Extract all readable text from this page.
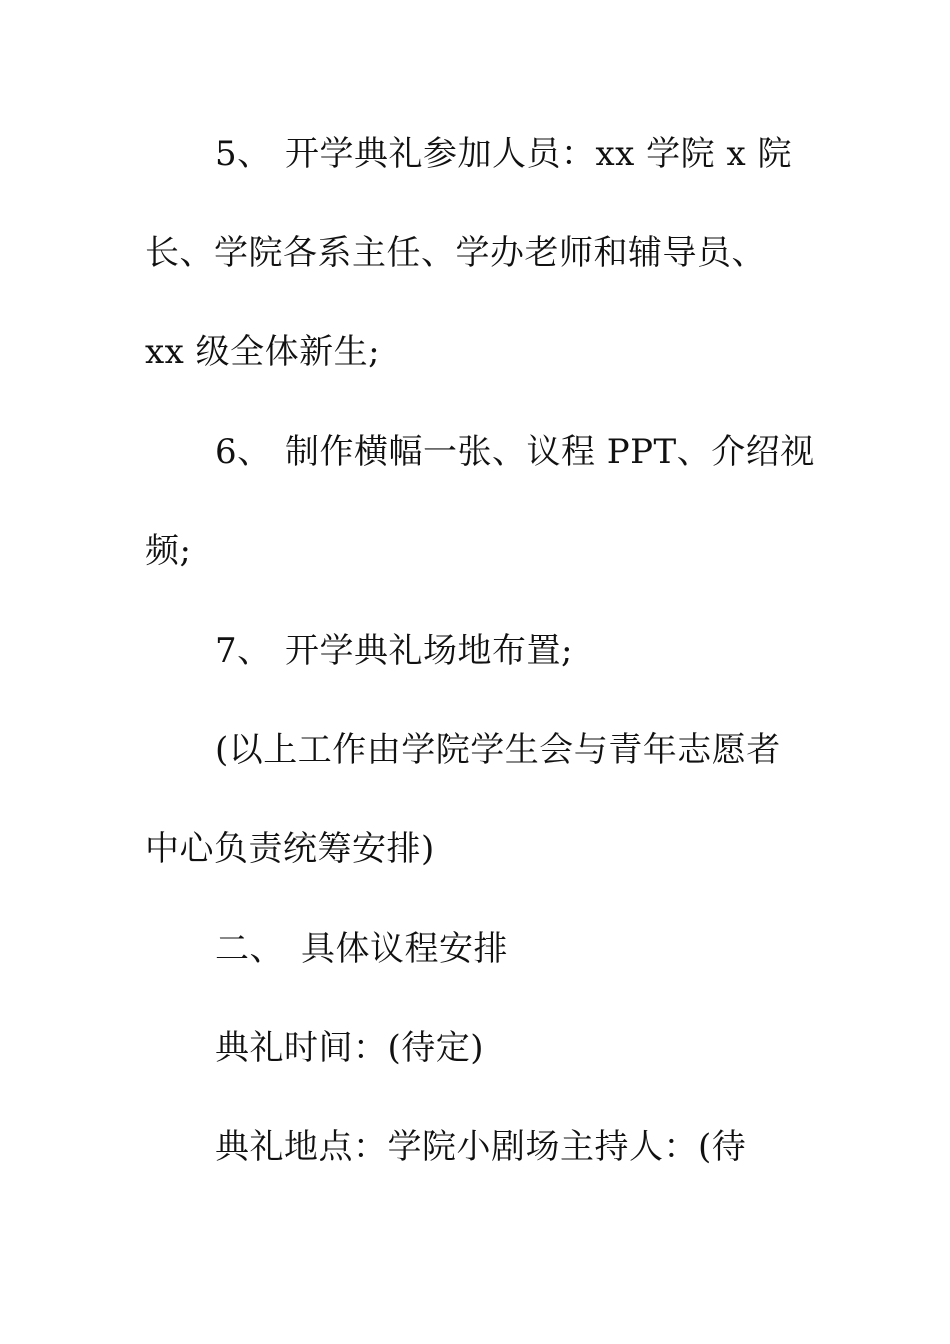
5、 开学典礼参加人员：xx 学院 x 院
长、学院各系主任、学办老师和辅导员、
xx 级全体新生;
6、 制作横幅一张、议程 PPT、介绍视
频;
7、 开学典礼场地布置;
(以上工作由学院学生会与青年志愿者
中心负责统筹安排)
二、 具体议程安排
典礼时间：(待定)
典礼地点：学院小剧场主持人：(待
